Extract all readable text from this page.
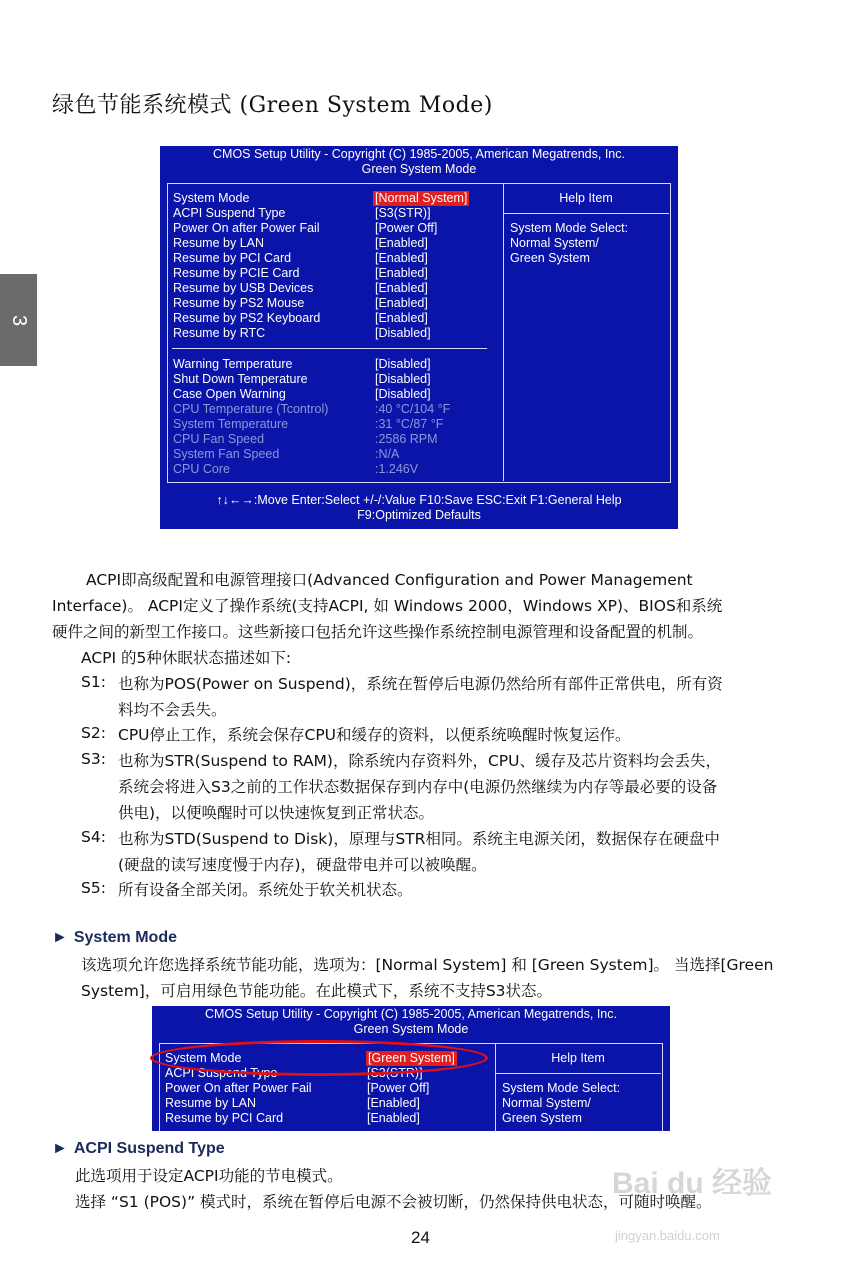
3
绿色节能系统模式 (Green System Mode)
CMOS Setup Utility - Copyright (C) 1985-2005, American Megatrends, Inc.
Green System Mode
Help Item
System Mode Select:
Normal System/
Green System
System Mode	[Normal System]
ACPI Suspend Type	[S3(STR)]
Power On after Power Fail	[Power Off]
Resume by LAN	[Enabled]
Resume by PCI Card	[Enabled]
Resume by PCIE Card	[Enabled]
Resume by USB Devices	[Enabled]
Resume by PS2 Mouse	[Enabled]
Resume by PS2 Keyboard	[Enabled]
Resume by RTC	[Disabled]
Warning Temperature	[Disabled]
Shut Down Temperature	[Disabled]
Case Open Warning	[Disabled]
CPU Temperature (Tcontrol)	:40 °C/104 °F
System Temperature	:31 °C/87 °F
CPU Fan Speed	:2586 RPM
System Fan Speed	:N/A
CPU Core	:1.246V
↑↓←→:Move Enter:Select +/-/:Value F10:Save ESC:Exit F1:General Help
F9:Optimized Defaults
ACPI即高级配置和电源管理接口(Advanced Configuration and Power Management
Interface)。 ACPI定义了操作系统(支持ACPI, 如 Windows 2000，Windows XP)、BIOS和系统
硬件之间的新型工作接口。这些新接口包括允许这些操作系统控制电源管理和设备配置的机制。
ACPI 的5种休眠状态描述如下:
S1: 也称为POS(Power on Suspend)，系统在暂停后电源仍然给所有部件正常供电，所有资
料均不会丢失。
S2: CPU停止工作，系统会保存CPU和缓存的资料，以便系统唤醒时恢复运作。
S3: 也称为STR(Suspend to RAM)，除系统内存资料外，CPU、缓存及芯片资料均会丢失，
系统会将进入S3之前的工作状态数据保存到内存中(电源仍然继续为内存等最必要的设备
供电)，以便唤醒时可以快速恢复到正常状态。
S4: 也称为STD(Suspend to Disk)，原理与STR相同。系统主电源关闭，数据保存在硬盘中
(硬盘的读写速度慢于内存)，硬盘带电并可以被唤醒。
S5: 所有设备全部关闭。系统处于软关机状态。
► System Mode
该选项允许您选择系统节能功能，选项为：[Normal System] 和 [Green System]。 当选择[Green
System]，可启用绿色节能功能。在此模式下，系统不支持S3状态。
CMOS Setup Utility - Copyright (C) 1985-2005, American Megatrends, Inc.
Green System Mode
Help Item
System Mode Select:
Normal System/
Green System
System Mode	[Green System]
ACPI Suspend Type	[S3(STR)]
Power On after Power Fail	[Power Off]
Resume by LAN	[Enabled]
Resume by PCI Card	[Enabled]
► ACPI Suspend Type
此选项用于设定ACPI功能的节电模式。
选择 “S1 (POS)” 模式时，系统在暂停后电源不会被切断，仍然保持供电状态，可随时唤醒。
24
Bai du 经验
jingyan.baidu.com
